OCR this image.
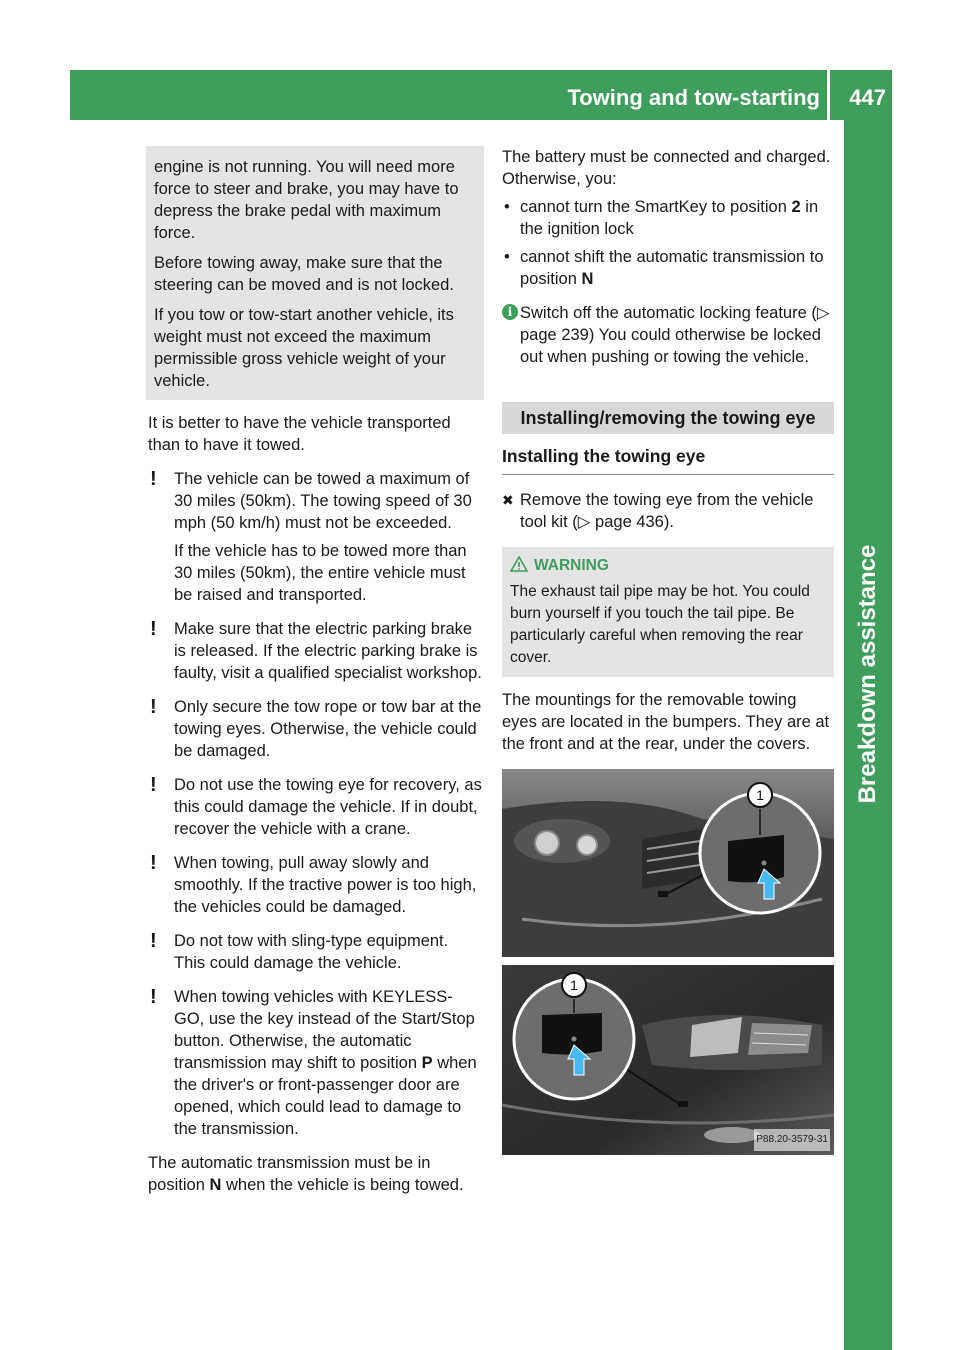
Towing and tow-starting 447
Breakdown assistance

engine is not running. You will need more force to steer and brake, you may have to depress the brake pedal with maximum force.

Before towing away, make sure that the steering can be moved and is not locked.

If you tow or tow-start another vehicle, its weight must not exceed the maximum permissible gross vehicle weight of your vehicle.

It is better to have the vehicle transported than to have it towed.

! The vehicle can be towed a maximum of 30 miles (50km). The towing speed of 30 mph (50 km/h) must not be exceeded.

If the vehicle has to be towed more than 30 miles (50km), the entire vehicle must be raised and transported.

! Make sure that the electric parking brake is released. If the electric parking brake is faulty, visit a qualified specialist workshop.

! Only secure the tow rope or tow bar at the towing eyes. Otherwise, the vehicle could be damaged.

! Do not use the towing eye for recovery, as this could damage the vehicle. If in doubt, recover the vehicle with a crane.

! When towing, pull away slowly and smoothly. If the tractive power is too high, the vehicles could be damaged.

! Do not tow with sling-type equipment. This could damage the vehicle.

! When towing vehicles with KEYLESS-GO, use the key instead of the Start/Stop button. Otherwise, the automatic transmission may shift to position P when the driver's or front-passenger door are opened, which could lead to damage to the transmission.

The automatic transmission must be in position N when the vehicle is being towed.

The battery must be connected and charged. Otherwise, you:

• cannot turn the SmartKey to position 2 in the ignition lock

• cannot shift the automatic transmission to position N

i Switch off the automatic locking feature (▷ page 239) You could otherwise be locked out when pushing or towing the vehicle.

Installing/removing the towing eye
Installing the towing eye
✖ Remove the towing eye from the vehicle tool kit (▷ page 436).

WARNING

The exhaust tail pipe may be hot. You could burn yourself if you touch the tail pipe. Be particularly careful when removing the rear cover.

The mountings for the removable towing eyes are located in the bumpers. They are at the front and at the rear, under the covers.

1
1
P88.20-3579-31
